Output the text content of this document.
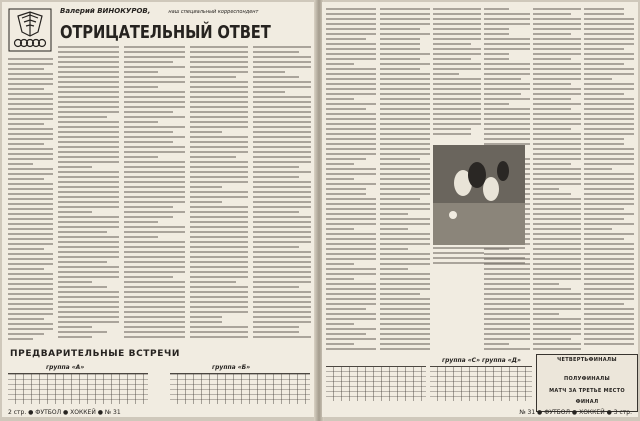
Валерий ВИНОКУРОВ,	наш специальный корреспондент
ОТРИЦАТЕЛЬНЫЙ ОТВЕТ
ПРЕДВАРИТЕЛЬНЫЕ ВСТРЕЧИ
группа «А»	группа «Б»
2 стр. ● ФУТБОЛ ● ХОККЕЙ ● № 31
группа «С» группа «Д»	ЧЕТВЕРТЬФИНАЛЫ
ПОЛУФИНАЛЫ
МАТЧ ЗА ТРЕТЬЕ МЕСТО
ФИНАЛ
№ 31 ● ФУТБОЛ ● ХОККЕЙ ● 3 стр.
